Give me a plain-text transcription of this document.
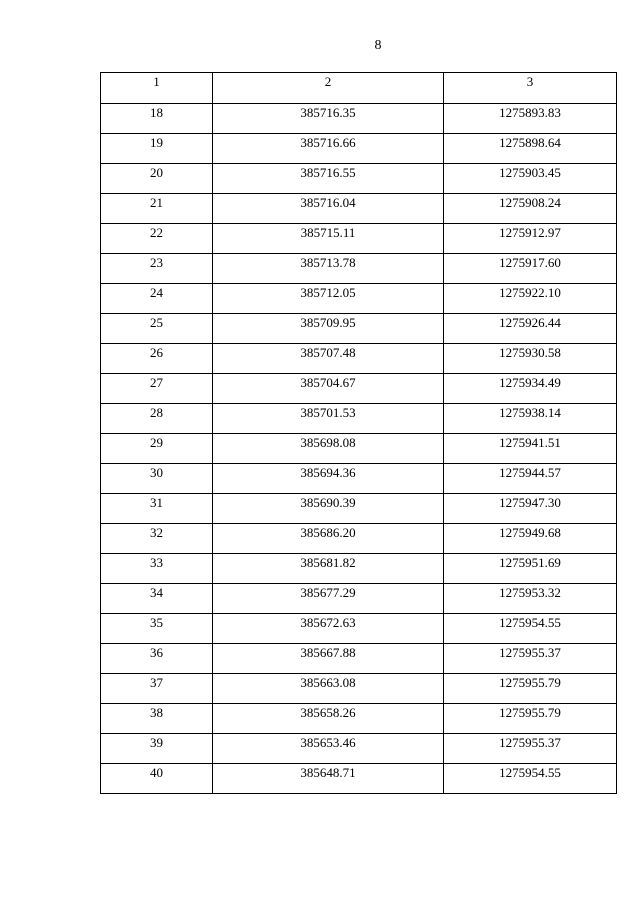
8
1	2	3
18	385716.35	1275893.83
19	385716.66	1275898.64
20	385716.55	1275903.45
21	385716.04	1275908.24
22	385715.11	1275912.97
23	385713.78	1275917.60
24	385712.05	1275922.10
25	385709.95	1275926.44
26	385707.48	1275930.58
27	385704.67	1275934.49
28	385701.53	1275938.14
29	385698.08	1275941.51
30	385694.36	1275944.57
31	385690.39	1275947.30
32	385686.20	1275949.68
33	385681.82	1275951.69
34	385677.29	1275953.32
35	385672.63	1275954.55
36	385667.88	1275955.37
37	385663.08	1275955.79
38	385658.26	1275955.79
39	385653.46	1275955.37
40	385648.71	1275954.55
